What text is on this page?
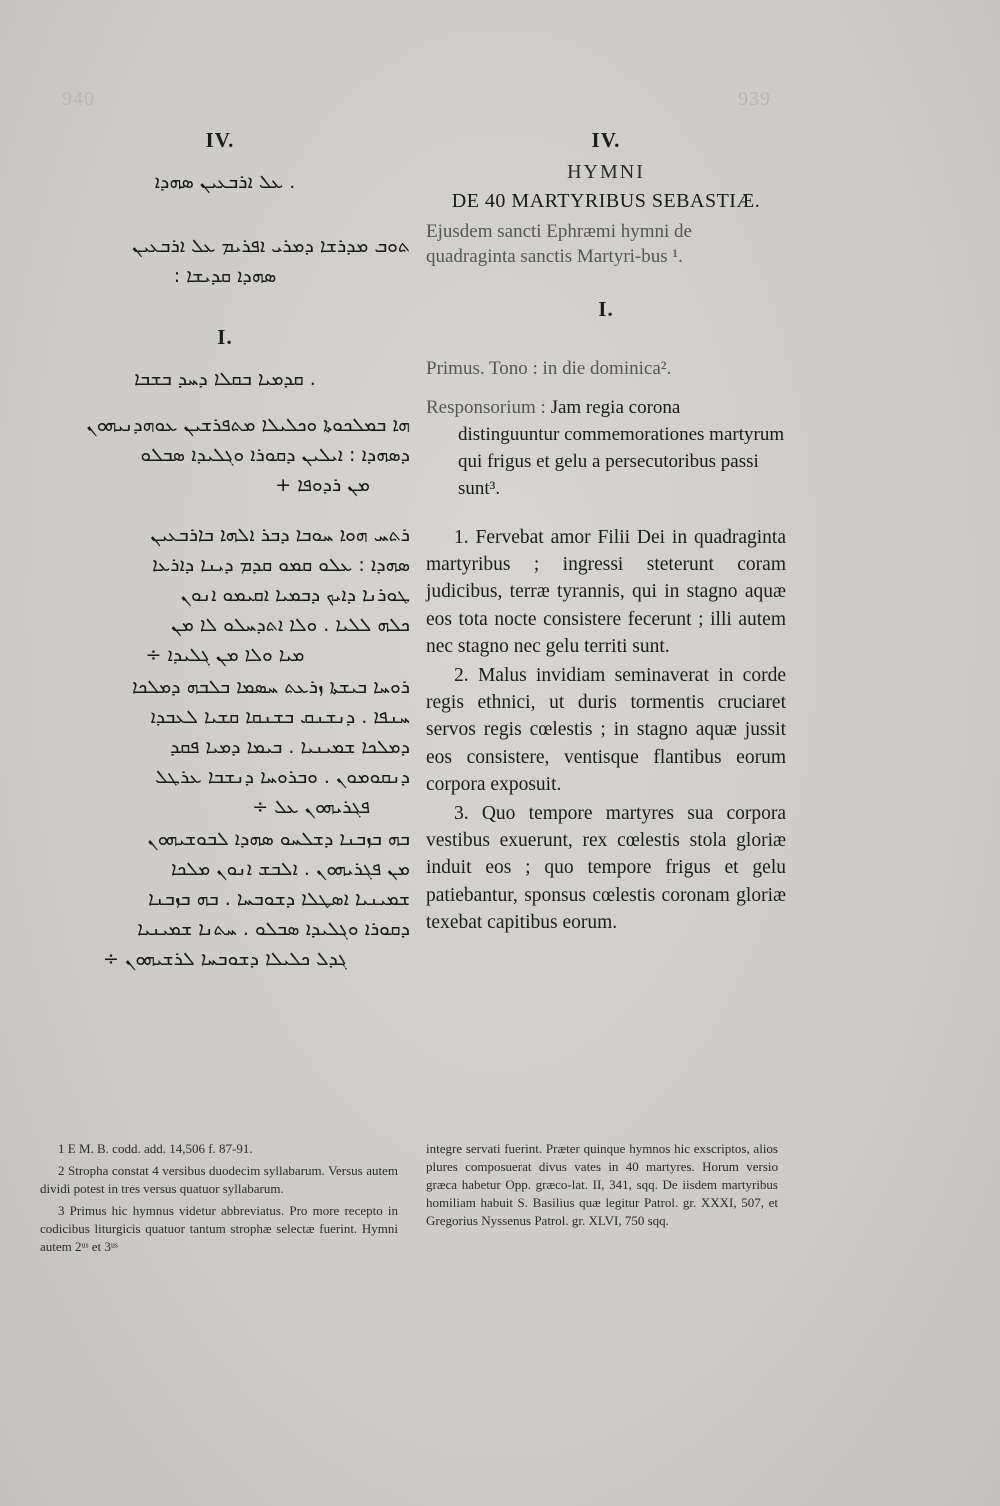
940	939
IV.
. ܥܠ ܐܪܒܥܝܢ ܣܗܕܐ
ܬܘܒ ܡܕܪܫܐ ܕܡܪܝ ܐܦܪܝܡ ܥܠ ܐܪܒܥܝܢ
ܣܗܕܐ ܩܕܝܫܐ :
I.
. ܩܕܡܝܐ ܒܩܠܐ ܕܚܕ ܒܫܒܐ
ܗܐ ܒܡܠܟܘܬܐ ܘܟܠܝܠܐ ܡܬܦܪܫܝܢ ܥܘܗܕܢܝܗܘܢ
ܕܣܗܕܐ : ܐܝܠܝܢ ܕܩܘܪܐ ܘܓܠܝܕܐ ܣܒܠܘ
ܡܢ ܪܕܘܦܐ +
ܪܬܚ ܗܘܐ ܚܘܒܐ ܕܒܪ ܐܠܗܐ ܒܐܪܒܥܝܢ
ܣܗܕܐ : ܥܠܘ ܩܡܘ ܩܕܡ ܕܝܢܐ ܕܐܪܥܐ
ܛܘܪܢܐ ܕܐܝܟ ܕܒܡܝܐ ܐܩܝܡܘ ܐܢܘܢ
ܟܠܗ ܠܠܝܐ . ܘܠܐ ܐܬܕܚܠܘ ܠܐ ܡܢ
ܡܝܐ ܘܠܐ ܡܢ ܓܠܝܕܐ ÷
ܪܘܚܐ ܒܝܫܬܐ ܙܪܥܬ ܚܣܡܐ ܒܠܒܗ ܕܡܠܟܐ
ܚܢܦܐ . ܕܢܫܢܩ ܒܫܢܩܐ ܩܫܝܐ ܠܥܒܕܐ
ܕܡܠܟܐ ܫܡܝܢܝܐ . ܒܝܡܐ ܕܡܝܐ ܦܩܕ
ܕܢܩܘܡܘܢ . ܘܒܪܘܚܐ ܕܢܫܒܐ ܥܪܛܠ
ܦܓܪܝܗܘܢ ܥܠ ÷
ܒܗ ܒܙܒܢܐ ܕܫܠܚܘ ܣܗܕܐ ܠܒܘܫܝܗܘܢ
ܡܢ ܦܓܪܝܗܘܢ . ܐܠܒܫ ܐܢܘܢ ܡܠܟܐ
ܫܡܝܢܝܐ ܐܣܛܠܐ ܕܫܘܒܚܐ . ܒܗ ܒܙܒܢܐ
ܕܩܘܪܐ ܘܓܠܝܕܐ ܣܒܠܘ . ܚܬܢܐ ܫܡܝܢܝܐ
ܓܕܠ ܟܠܝܠܐ ܕܫܘܒܚܐ ܠܪܫܝܗܘܢ ÷
IV.
HYMNI
DE 40 MARTYRIBUS SEBASTIÆ.
Ejusdem sancti Ephræmi hymni de quadraginta sanctis Martyri-bus ¹.
I.
Primus. Tono : in die dominica².
Responsorium : Jam regia corona distinguuntur commemorationes martyrum qui frigus et gelu a persecutoribus passi sunt³.

1. Fervebat amor Filii Dei in quadraginta martyribus ; ingressi steterunt coram judicibus, terræ tyrannis, qui in stagno aquæ eos tota nocte consistere fecerunt ; illi autem nec stagno nec gelu territi sunt.

2. Malus invidiam seminaverat in corde regis ethnici, ut duris tormentis cruciaret servos regis cœlestis ; in stagno aquæ jussit eos consistere, ventisque flantibus eorum corpora exposuit.

3. Quo tempore martyres sua corpora vestibus exuerunt, rex cœlestis stola gloriæ induit eos ; quo tempore frigus et gelu patiebantur, sponsus cœlestis coronam gloriæ texebat capitibus eorum.

1 E M. B. codd. add. 14,506 f. 87-91.

2 Stropha constat 4 versibus duodecim syllabarum. Versus autem dividi potest in tres versus quatuor syllabarum.

3 Primus hic hymnus videtur abbreviatus. Pro more recepto in codicibus liturgicis quatuor tantum strophæ selectæ fuerint. Hymni autem 2ᵘˢ et 3ᵘˢ

integre servati fuerint. Præter quinque hymnos hic exscriptos, alios plures composuerat divus vates in 40 martyres. Horum versio græca habetur Opp. græco-lat. II, 341, sqq. De iisdem martyribus homiliam habuit S. Basilius quæ legitur Patrol. gr. XXXI, 507, et Gregorius Nyssenus Patrol. gr. XLVI, 750 sqq.
